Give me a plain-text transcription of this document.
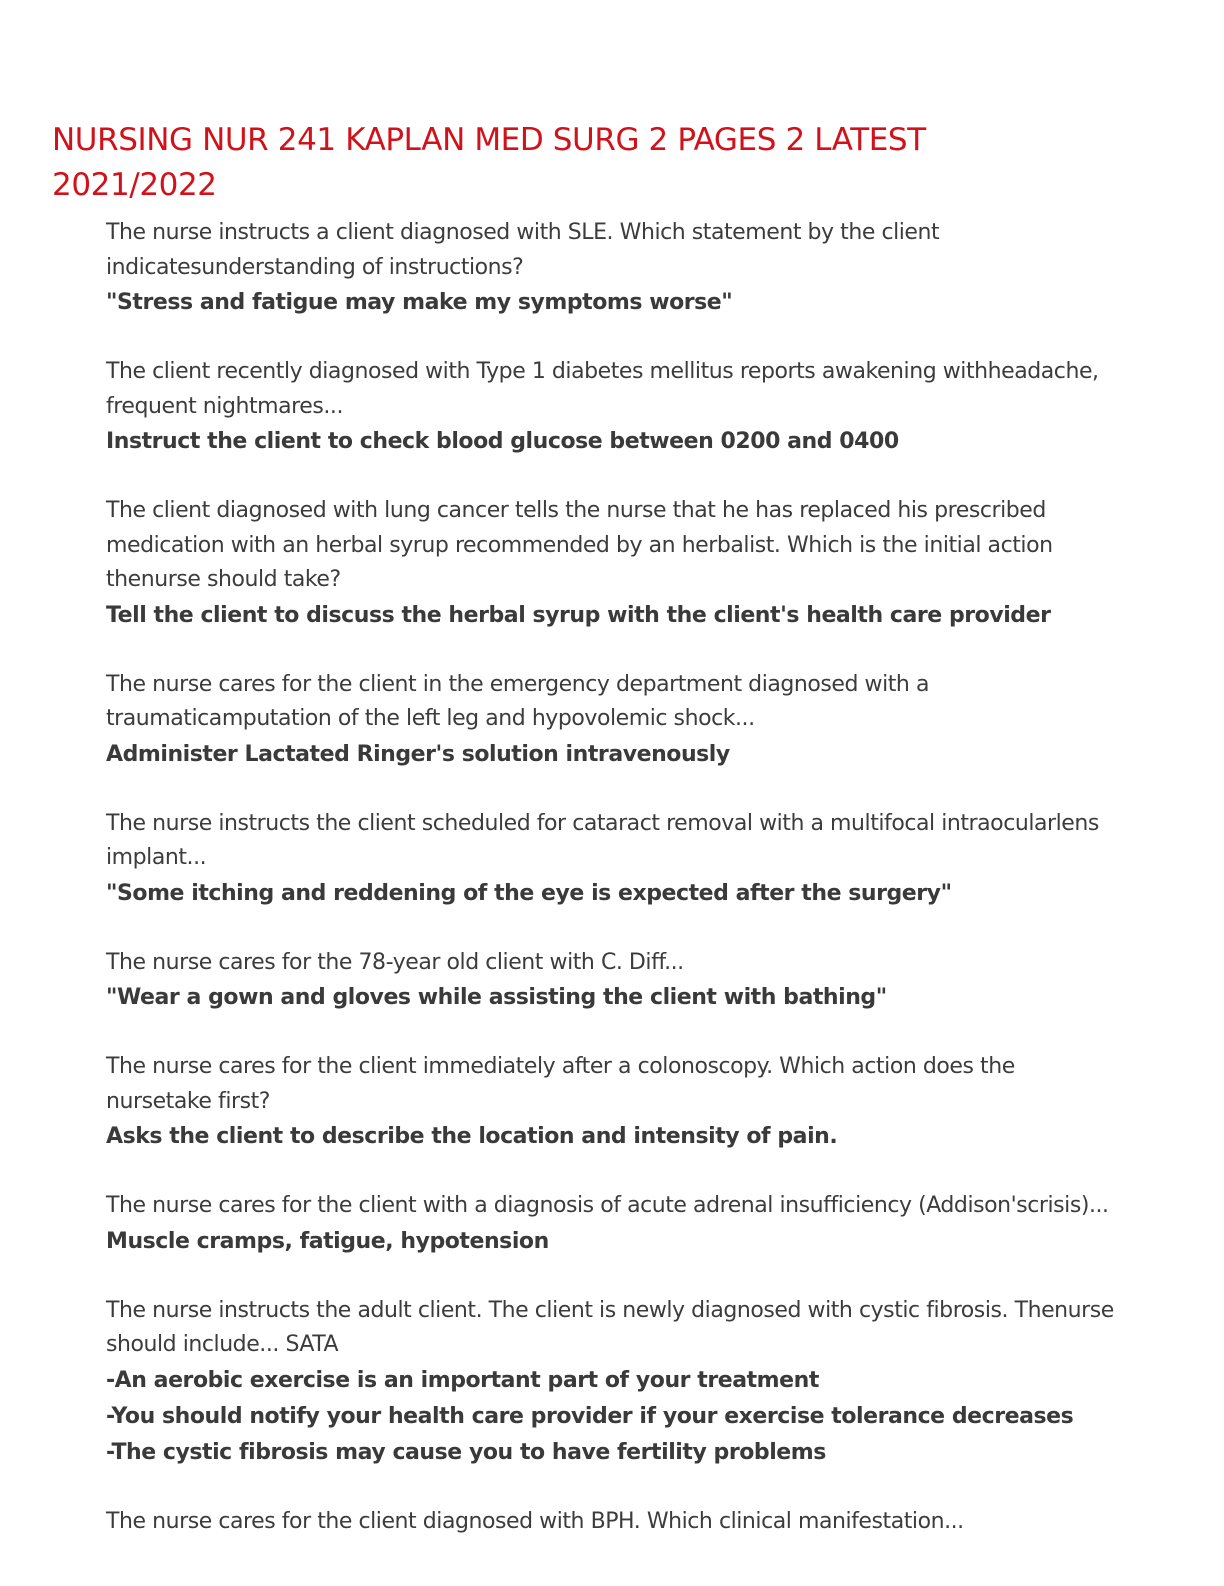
NURSING NUR 241 KAPLAN MED SURG 2 PAGES 2 LATEST 2021/2022

The nurse instructs a client diagnosed with SLE. Which statement by the client indicatesunderstanding of instructions?

"Stress and fatigue may make my symptoms worse"

The client recently diagnosed with Type 1 diabetes mellitus reports awakening withheadache, frequent nightmares...

Instruct the client to check blood glucose between 0200 and 0400

The client diagnosed with lung cancer tells the nurse that he has replaced his prescribed medication with an herbal syrup recommended by an herbalist. Which is the initial action thenurse should take?

Tell the client to discuss the herbal syrup with the client's health care provider

The nurse cares for the client in the emergency department diagnosed with a traumaticamputation of the left leg and hypovolemic shock...

Administer Lactated Ringer's solution intravenously

The nurse instructs the client scheduled for cataract removal with a multifocal intraocularlens implant...

"Some itching and reddening of the eye is expected after the surgery"

The nurse cares for the 78-year old client with C. Diff...

"Wear a gown and gloves while assisting the client with bathing"

The nurse cares for the client immediately after a colonoscopy. Which action does the nursetake first?

Asks the client to describe the location and intensity of pain.

The nurse cares for the client with a diagnosis of acute adrenal insufficiency (Addison'scrisis)...

Muscle cramps, fatigue, hypotension

The nurse instructs the adult client. The client is newly diagnosed with cystic fibrosis. Thenurse should include... SATA

-An aerobic exercise is an important part of your treatment
-You should notify your health care provider if your exercise tolerance decreases
-The cystic fibrosis may cause you to have fertility problems

The nurse cares for the client diagnosed with BPH. Which clinical manifestation...
